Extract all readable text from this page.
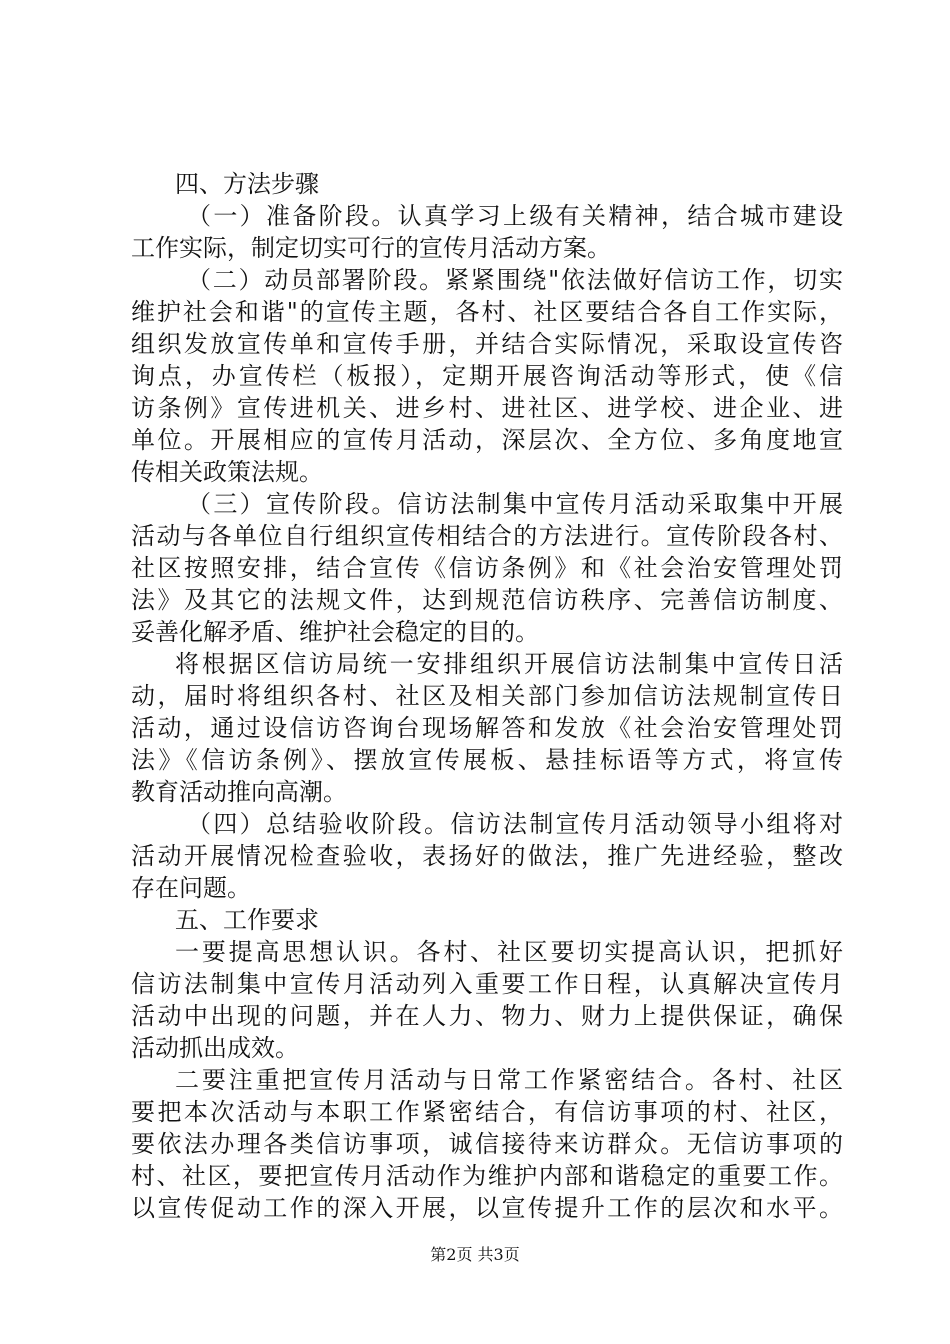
四、方法步骤
（一）准备阶段。认真学习上级有关精神，结合城市建设
工作实际，制定切实可行的宣传月活动方案。
（二）动员部署阶段。紧紧围绕"依法做好信访工作，切实
维护社会和谐"的宣传主题，各村、社区要结合各自工作实际，
组织发放宣传单和宣传手册，并结合实际情况，采取设宣传咨
询点，办宣传栏（板报），定期开展咨询活动等形式，使《信
访条例》宣传进机关、进乡村、进社区、进学校、进企业、进
单位。开展相应的宣传月活动，深层次、全方位、多角度地宣
传相关政策法规。
（三）宣传阶段。信访法制集中宣传月活动采取集中开展
活动与各单位自行组织宣传相结合的方法进行。宣传阶段各村、
社区按照安排，结合宣传《信访条例》和《社会治安管理处罚
法》及其它的法规文件，达到规范信访秩序、完善信访制度、
妥善化解矛盾、维护社会稳定的目的。
将根据区信访局统一安排组织开展信访法制集中宣传日活
动，届时将组织各村、社区及相关部门参加信访法规制宣传日
活动，通过设信访咨询台现场解答和发放《社会治安管理处罚
法》《信访条例》、摆放宣传展板、悬挂标语等方式，将宣传
教育活动推向高潮。
（四）总结验收阶段。信访法制宣传月活动领导小组将对
活动开展情况检查验收，表扬好的做法，推广先进经验，整改
存在问题。
五、工作要求
一要提高思想认识。各村、社区要切实提高认识，把抓好
信访法制集中宣传月活动列入重要工作日程，认真解决宣传月
活动中出现的问题，并在人力、物力、财力上提供保证，确保
活动抓出成效。
二要注重把宣传月活动与日常工作紧密结合。各村、社区
要把本次活动与本职工作紧密结合，有信访事项的村、社区，
要依法办理各类信访事项，诚信接待来访群众。无信访事项的
村、社区，要把宣传月活动作为维护内部和谐稳定的重要工作。
以宣传促动工作的深入开展，以宣传提升工作的层次和水平。
第2页 共3页
